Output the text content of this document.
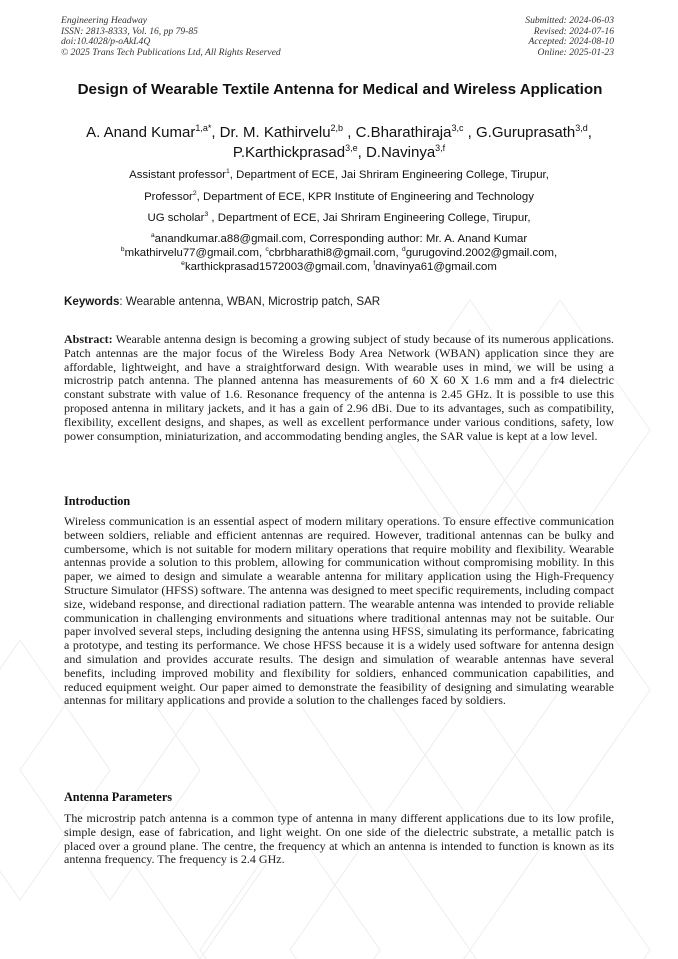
Engineering Headway
ISSN: 2813-8333, Vol. 16, pp 79-85
doi:10.4028/p-oAkL4Q
© 2025 Trans Tech Publications Ltd, All Rights Reserved
Submitted: 2024-06-03
Revised: 2024-07-16
Accepted: 2024-08-10
Online: 2025-01-23
Design of Wearable Textile Antenna for Medical and Wireless Application
A. Anand Kumar$^{1,a*}$, Dr. M. Kathirvelu$^{2,b}$ , C.Bharathiraja$^{3,c}$ , G.Guruprasath$^{3,d}$,
P.Karthickprasad$^{3,e}$, D.Navinya$^{3,f}$
Assistant professor$^1$, Department of ECE, Jai Shriram Engineering College, Tirupur,
Professor$^2$, Department of ECE, KPR Institute of Engineering and Technology
UG scholar$^3$ , Department of ECE, Jai Shriram Engineering College, Tirupur,
$^a$anandkumar.a88@gmail.com, Corresponding author: Mr. A. Anand Kumar
$^b$mkathirvelu77@gmail.com, $^c$cbrbharathi8@gmail.com, $^d$gurugovind.2002@gmail.com,
$^e$karthickprasad1572003@gmail.com, $^f$dnavinya61@gmail.com
Keywords: Wearable antenna, WBAN, Microstrip patch, SAR
Abstract: Wearable antenna design is becoming a growing subject of study because of its numerous applications. Patch antennas are the major focus of the Wireless Body Area Network (WBAN) application since they are affordable, lightweight, and have a straightforward design. With wearable uses in mind, we will be using a microstrip patch antenna. The planned antenna has measurements of 60 X 60 X 1.6 mm and a fr4 dielectric constant substrate with value of 1.6. Resonance frequency of the antenna is 2.45 GHz. It is possible to use this proposed antenna in military jackets, and it has a gain of 2.96 dBi. Due to its advantages, such as compatibility, flexibility, excellent designs, and shapes, as well as excellent performance under various conditions, safety, low power consumption, miniaturization, and accommodating bending angles, the SAR value is kept at a low level.
Introduction
Wireless communication is an essential aspect of modern military operations. To ensure effective communication between soldiers, reliable and efficient antennas are required. However, traditional antennas can be bulky and cumbersome, which is not suitable for modern military operations that require mobility and flexibility. Wearable antennas provide a solution to this problem, allowing for communication without compromising mobility. In this paper, we aimed to design and simulate a wearable antenna for military application using the High-Frequency Structure Simulator (HFSS) software. The antenna was designed to meet specific requirements, including compact size, wideband response, and directional radiation pattern. The wearable antenna was intended to provide reliable communication in challenging environments and situations where traditional antennas may not be suitable. Our paper involved several steps, including designing the antenna using HFSS, simulating its performance, fabricating a prototype, and testing its performance. We chose HFSS because it is a widely used software for antenna design and simulation and provides accurate results. The design and simulation of wearable antennas have several benefits, including improved mobility and flexibility for soldiers, enhanced communication capabilities, and reduced equipment weight. Our paper aimed to demonstrate the feasibility of designing and simulating wearable antennas for military applications and provide a solution to the challenges faced by soldiers.
Antenna Parameters
The microstrip patch antenna is a common type of antenna in many different applications due to its low profile, simple design, ease of fabrication, and light weight. On one side of the dielectric substrate, a metallic patch is placed over a ground plane. The centre, the frequency at which an antenna is intended to function is known as its antenna frequency. The frequency is 2.4 GHz.
